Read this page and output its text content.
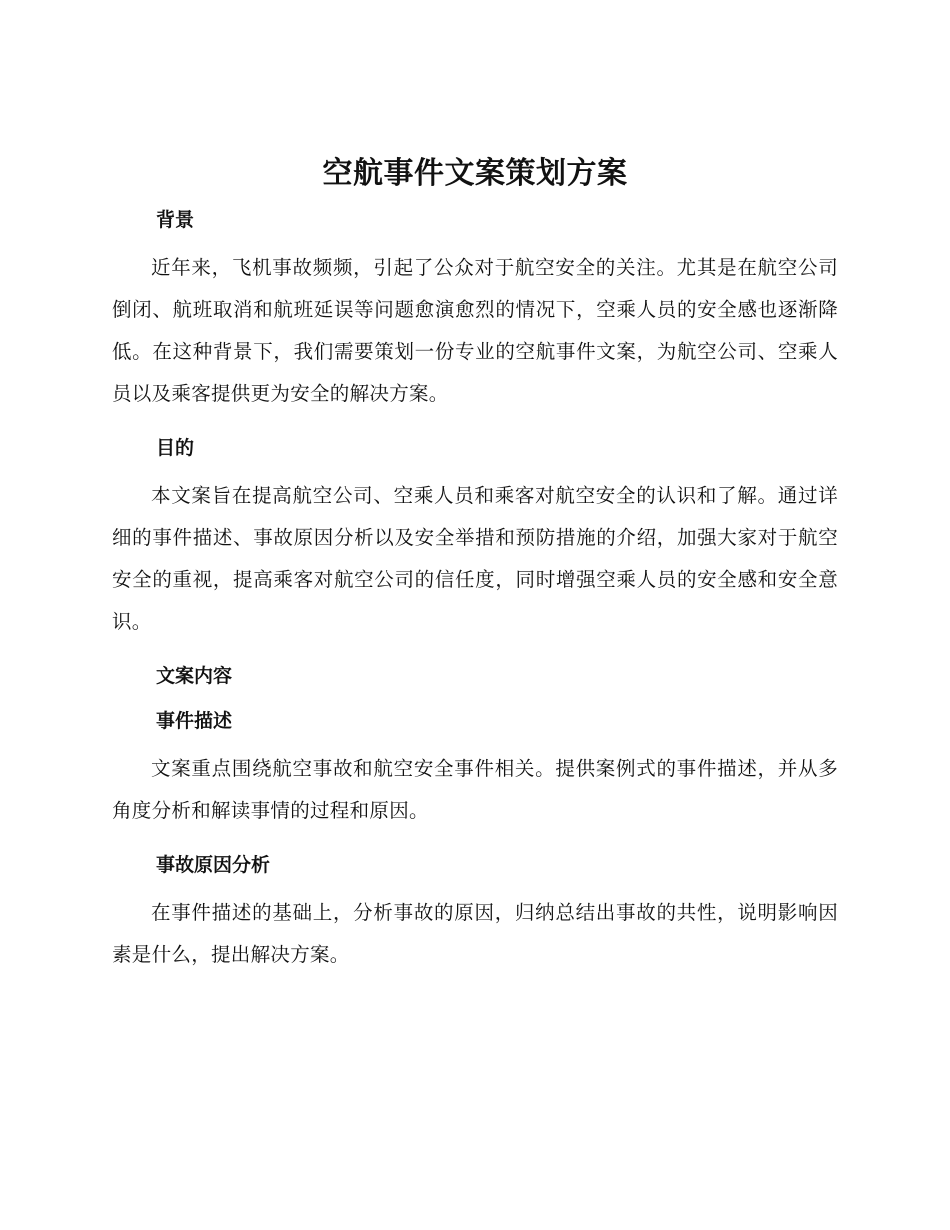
空航事件文案策划方案
背景

近年来，飞机事故频频，引起了公众对于航空安全的关注。尤其是在航空公司倒闭、航班取消和航班延误等问题愈演愈烈的情况下，空乘人员的安全感也逐渐降低。在这种背景下，我们需要策划一份专业的空航事件文案，为航空公司、空乘人员以及乘客提供更为安全的解决方案。

目的

本文案旨在提高航空公司、空乘人员和乘客对航空安全的认识和了解。通过详细的事件描述、事故原因分析以及安全举措和预防措施的介绍，加强大家对于航空安全的重视，提高乘客对航空公司的信任度，同时增强空乘人员的安全感和安全意识。

文案内容
事件描述

文案重点围绕航空事故和航空安全事件相关。提供案例式的事件描述，并从多角度分析和解读事情的过程和原因。

事故原因分析

在事件描述的基础上，分析事故的原因，归纳总结出事故的共性，说明影响因素是什么，提出解决方案。
